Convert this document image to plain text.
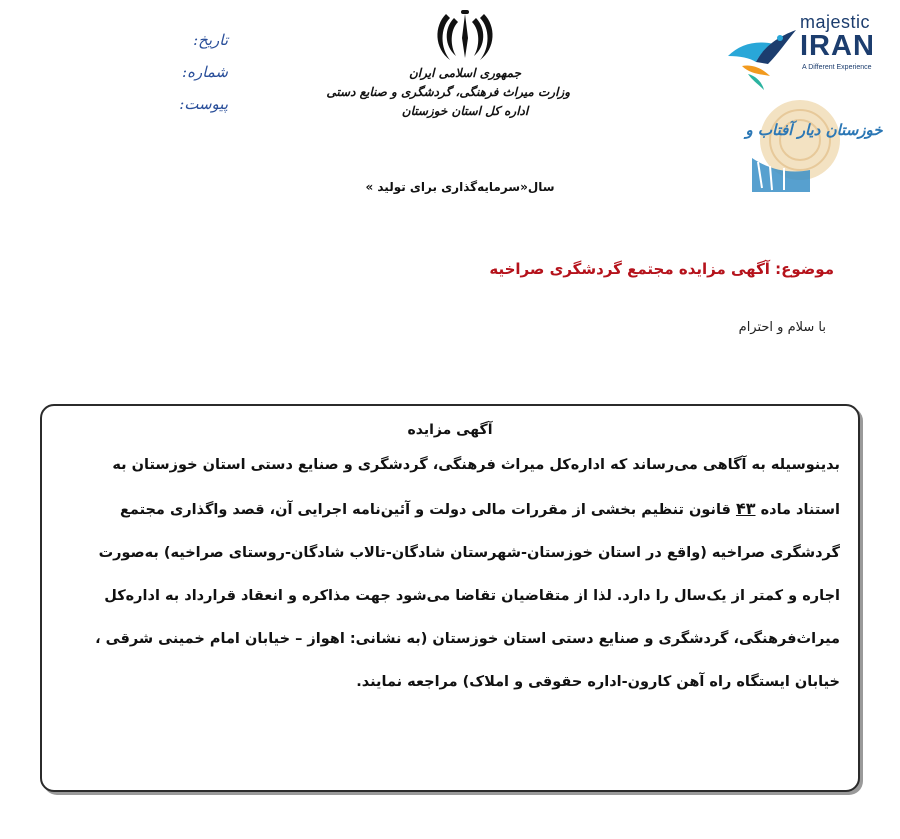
تاریخ:
شماره:
پیوست:
جمهوری اسلامی ایران
وزارت میراث فرهنگی، گردشگری و صنایع دستی
اداره کل استان خوزستان
سال«سرمایه‌گذاری برای تولید »
majestic
IRAN
A Different Experience
خوزستان دیار آفتاب و
موضوع: آگهی مزایده مجتمع گردشگری صراخیه
با سلام و احترام
آگهی مزایده
بدینوسیله به آگاهی می‌رساند که اداره‌کل میراث فرهنگی، گردشگری و صنایع دستی استان خوزستان به
استناد ماده ۴۳ قانون تنظیم بخشی از مقررات مالی دولت و آئین‌نامه اجرایی آن، قصد واگذاری مجتمع
گردشگری صراخیه (واقع در استان خوزستان-شهرستان شادگان-تالاب شادگان-روستای صراخیه) به‌صورت
اجاره و کمتر از یک‌سال را دارد. لذا از متقاضیان تقاضا می‌شود جهت مذاکره و انعقاد قرارداد به اداره‌کل
میراث‌فرهنگی، گردشگری و صنایع دستی استان خوزستان (به نشانی: اهواز – خیابان امام خمینی شرقی ،
خیابان ایستگاه راه آهن کارون-اداره حقوقی و املاک) مراجعه نمایند.
